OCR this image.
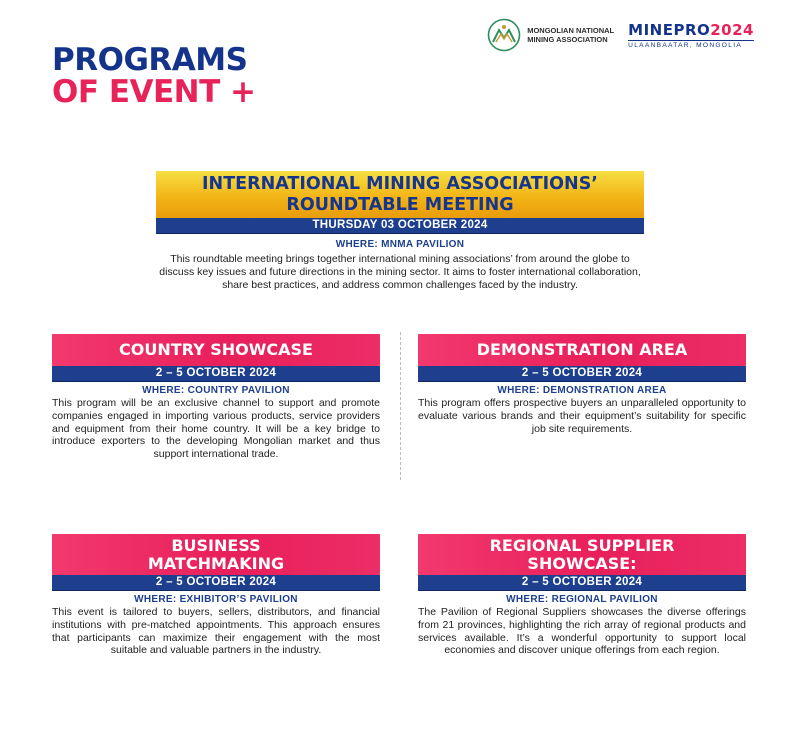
PROGRAMS
OF EVENT +
MONGOLIAN NATIONAL
MINING ASSOCIATION
MINEPRO2024
ULAANBAATAR, MONGOLIA
INTERNATIONAL MINING ASSOCIATIONS’
ROUNDTABLE MEETING
THURSDAY 03 OCTOBER 2024
WHERE: MNMA PAVILION
This roundtable meeting brings together international mining associations’ from around the globe to discuss key issues and future directions in the mining sector. It aims to foster international collaboration, share best practices, and address common challenges faced by the industry.
COUNTRY SHOWCASE
2 – 5 OCTOBER 2024
WHERE: COUNTRY PAVILION
This program will be an exclusive channel to support and promote companies engaged in importing various products, service providers and equipment from their home country. It will be a key bridge to introduce exporters to the developing Mongolian market and thus support international trade.
DEMONSTRATION AREA
2 – 5 OCTOBER 2024
WHERE: DEMONSTRATION AREA
This program offers prospective buyers an unparalleled opportunity to evaluate various brands and their equipment’s suitability for specific job site requirements.
BUSINESS
MATCHMAKING
2 – 5 OCTOBER 2024
WHERE: EXHIBITOR’S PAVILION
This event is tailored to buyers, sellers, distributors, and financial institutions with pre-matched appointments. This approach ensures that participants can maximize their engagement with the most suitable and valuable partners in the industry.
REGIONAL SUPPLIER
SHOWCASE:
2 – 5 OCTOBER 2024
WHERE: REGIONAL PAVILION
The Pavilion of Regional Suppliers showcases the diverse offerings from 21 provinces, highlighting the rich array of regional products and services available. It’s a wonderful opportunity to support local economies and discover unique offerings from each region.
